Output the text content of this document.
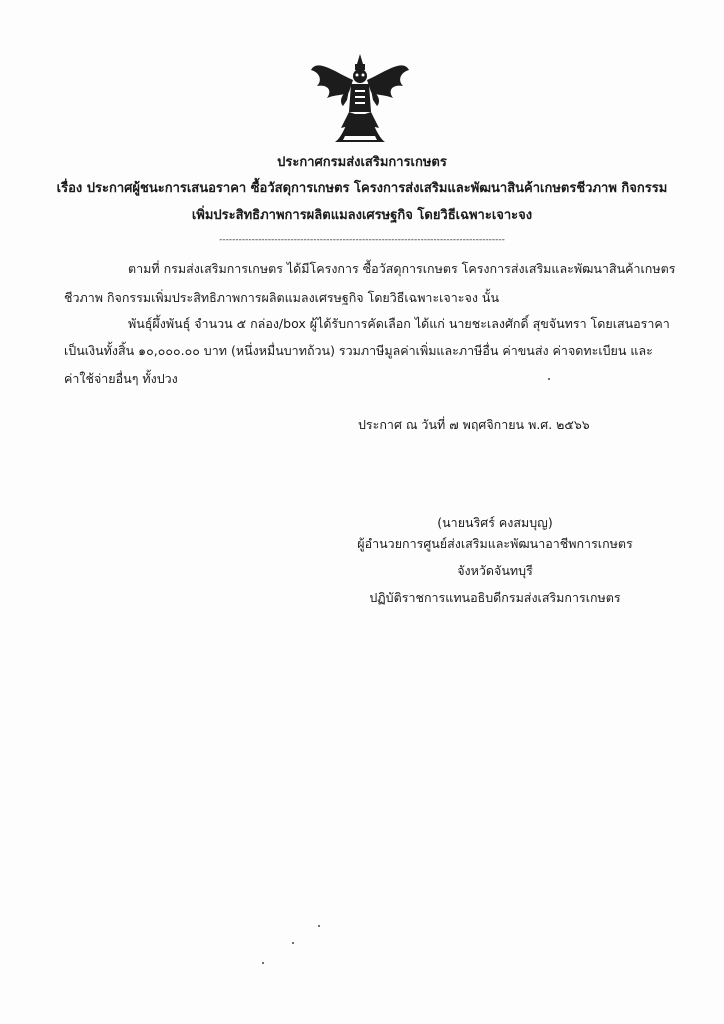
ประกาศกรมส่งเสริมการเกษตร
เรื่อง ประกาศผู้ชนะการเสนอราคา ซื้อวัสดุการเกษตร โครงการส่งเสริมและพัฒนาสินค้าเกษตรชีวภาพ กิจกรรม
เพิ่มประสิทธิภาพการผลิตแมลงเศรษฐกิจ โดยวิธีเฉพาะเจาะจง
----------------------------------------------------------------------------------------
ตามที่ กรมส่งเสริมการเกษตร ได้มีโครงการ ซื้อวัสดุการเกษตร โครงการส่งเสริมและพัฒนาสินค้าเกษตร
ชีวภาพ กิจกรรมเพิ่มประสิทธิภาพการผลิตแมลงเศรษฐกิจ โดยวิธีเฉพาะเจาะจง นั้น
พันธุ์ผึ้งพันธุ์ จำนวน ๕ กล่อง/box ผู้ได้รับการคัดเลือก ได้แก่ นายชะเลงศักดิ์ สุขจันทรา โดยเสนอราคา
เป็นเงินทั้งสิ้น ๑๐,๐๐๐.๐๐ บาท (หนึ่งหมื่นบาทถ้วน) รวมภาษีมูลค่าเพิ่มและภาษีอื่น ค่าขนส่ง ค่าจดทะเบียน และ
ค่าใช้จ่ายอื่นๆ ทั้งปวง
ประกาศ ณ วันที่ ๗ พฤศจิกายน พ.ศ. ๒๕๖๖
(นายนริศร์ คงสมบุญ)
ผู้อำนวยการศูนย์ส่งเสริมและพัฒนาอาชีพการเกษตร
จังหวัดจันทบุรี
ปฏิบัติราชการแทนอธิบดีกรมส่งเสริมการเกษตร
